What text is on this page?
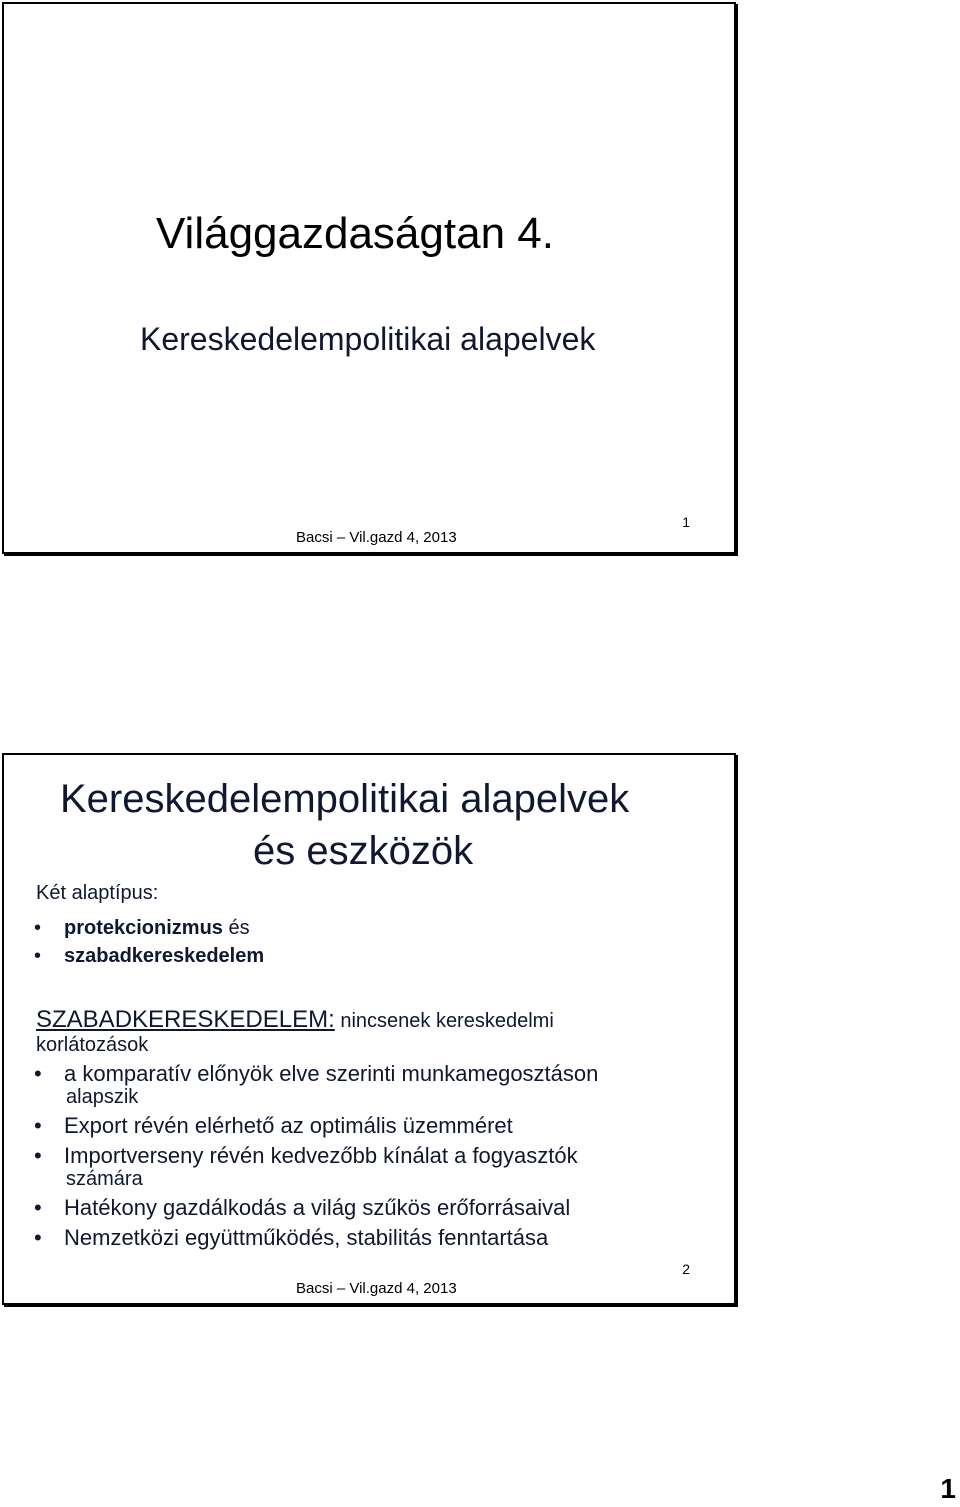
Világgazdaságtan 4.
Kereskedelempolitikai alapelvek
1
Bacsi – Vil.gazd 4, 2013
Kereskedelempolitikai alapelvek
és eszközök
Két alaptípus:
• protekcionizmus és
• szabadkereskedelem
SZABADKERESKEDELEM: nincsenek kereskedelmi
korlátozások
• a komparatív előnyök elve szerinti munkamegosztáson
alapszik
• Export révén elérhető az optimális üzemméret
• Importverseny révén kedvezőbb kínálat a fogyasztók
számára
• Hatékony gazdálkodás a világ szűkös erőforrásaival
• Nemzetközi együttműködés, stabilitás fenntartása
2
Bacsi – Vil.gazd 4, 2013
1
